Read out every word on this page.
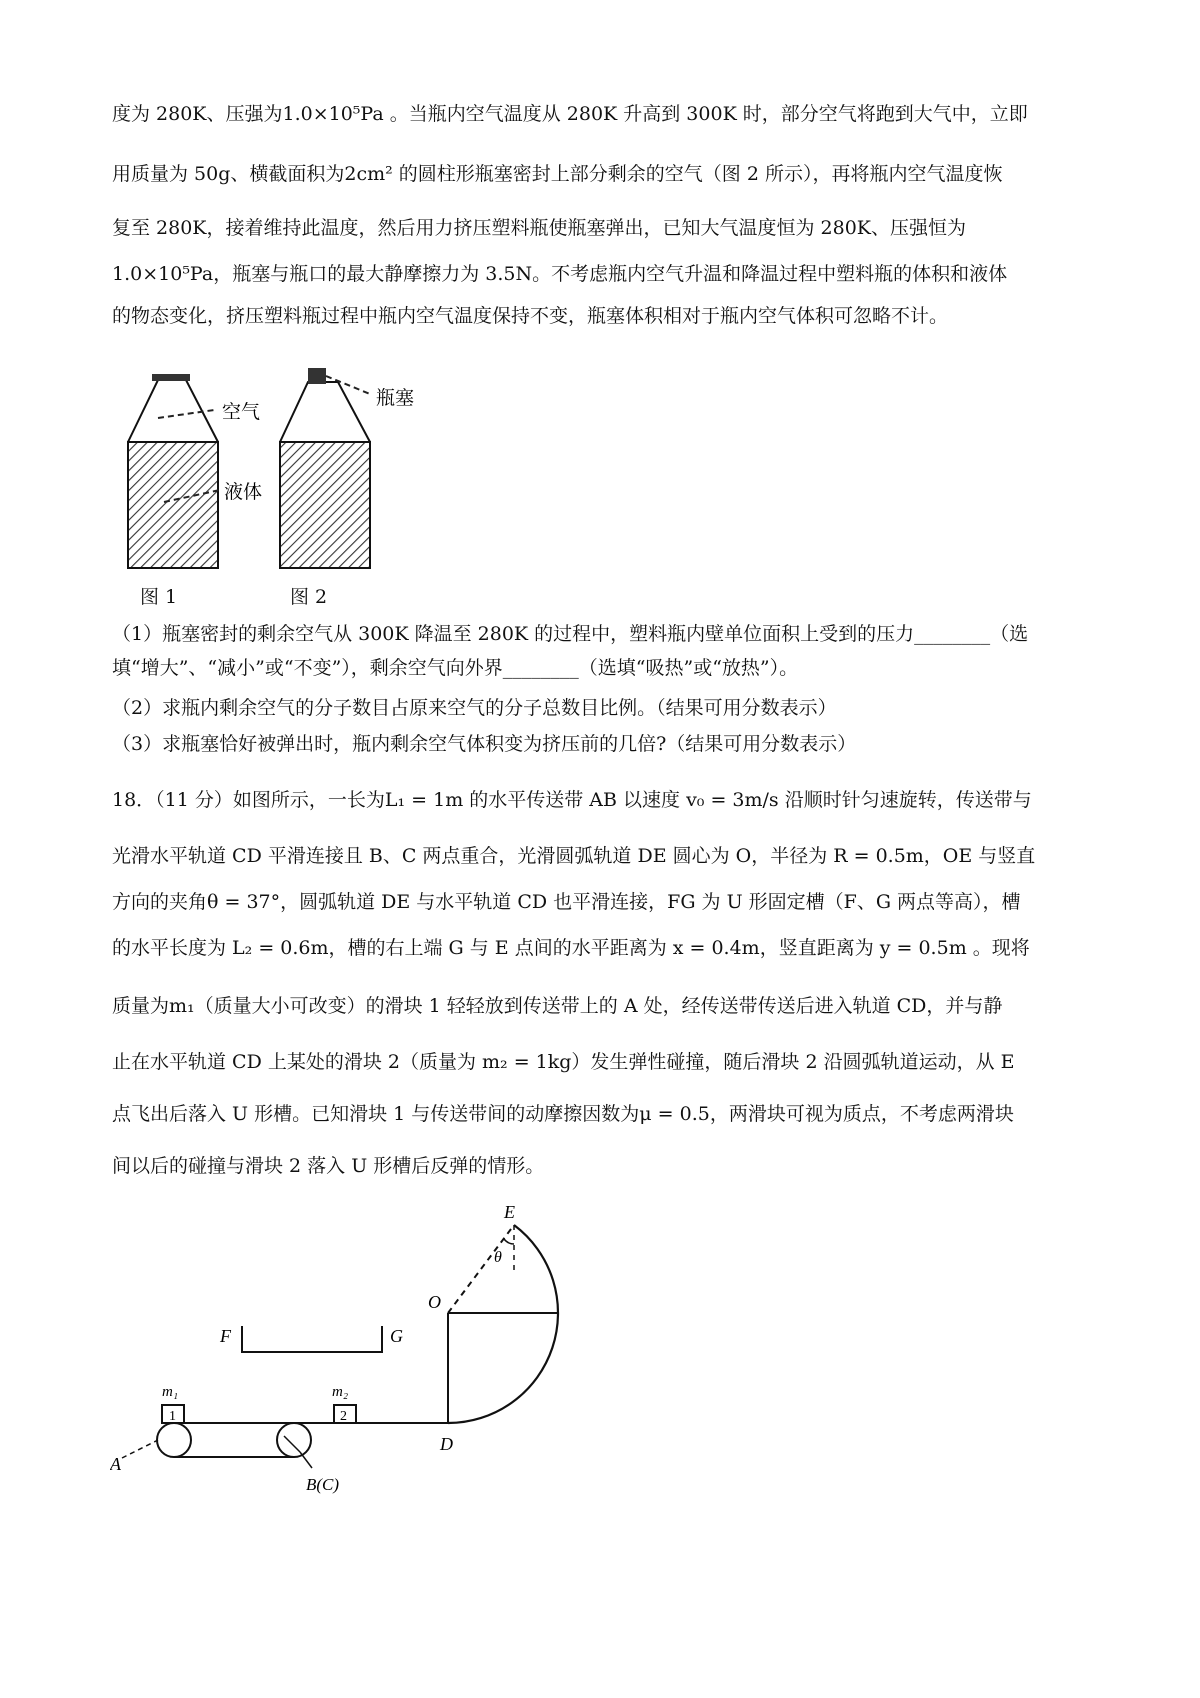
度为 280K、压强为1.0×10⁵Pa 。当瓶内空气温度从 280K 升高到 300K 时，部分空气将跑到大气中，立即
用质量为 50g、横截面积为2cm² 的圆柱形瓶塞密封上部分剩余的空气（图 2 所示），再将瓶内空气温度恢
复至 280K，接着维持此温度，然后用力挤压塑料瓶使瓶塞弹出，已知大气温度恒为 280K、压强恒为
1.0×10⁵Pa，瓶塞与瓶口的最大静摩擦力为 3.5N。不考虑瓶内空气升温和降温过程中塑料瓶的体积和液体
的物态变化，挤压塑料瓶过程中瓶内空气温度保持不变，瓶塞体积相对于瓶内空气体积可忽略不计。
空气
液体
瓶塞
图 1	图 2
（1）瓶塞密封的剩余空气从 300K 降温至 280K 的过程中，塑料瓶内壁单位面积上受到的压力________（选
填“增大”、“减小”或“不变”），剩余空气向外界________（选填“吸热”或“放热”）。
（2）求瓶内剩余空气的分子数目占原来空气的分子总数目比例。（结果可用分数表示）
（3）求瓶塞恰好被弹出时，瓶内剩余空气体积变为挤压前的几倍?（结果可用分数表示）
18．（11 分）如图所示，一长为L₁ = 1m 的水平传送带 AB 以速度 v₀ = 3m/s 沿顺时针匀速旋转，传送带与
光滑水平轨道 CD 平滑连接且 B、C 两点重合，光滑圆弧轨道 DE 圆心为 O，半径为 R = 0.5m，OE 与竖直
方向的夹角θ = 37°，圆弧轨道 DE 与水平轨道 CD 也平滑连接，FG 为 U 形固定槽（F、G 两点等高），槽
的水平长度为 L₂ = 0.6m，槽的右上端 G 与 E 点间的水平距离为 x = 0.4m，竖直距离为 y = 0.5m 。现将
质量为m₁（质量大小可改变）的滑块 1 轻轻放到传送带上的 A 处，经传送带传送后进入轨道 CD，并与静
止在水平轨道 CD 上某处的滑块 2（质量为 m₂ = 1kg）发生弹性碰撞，随后滑块 2 沿圆弧轨道运动，从 E
点飞出后落入 U 形槽。已知滑块 1 与传送带间的动摩擦因数为μ = 0.5，两滑块可视为质点，不考虑两滑块
间以后的碰撞与滑块 2 落入 U 形槽后反弹的情形。
1	2
E
θ
O
F	G
m₁	m₂
A
B(C)
D
